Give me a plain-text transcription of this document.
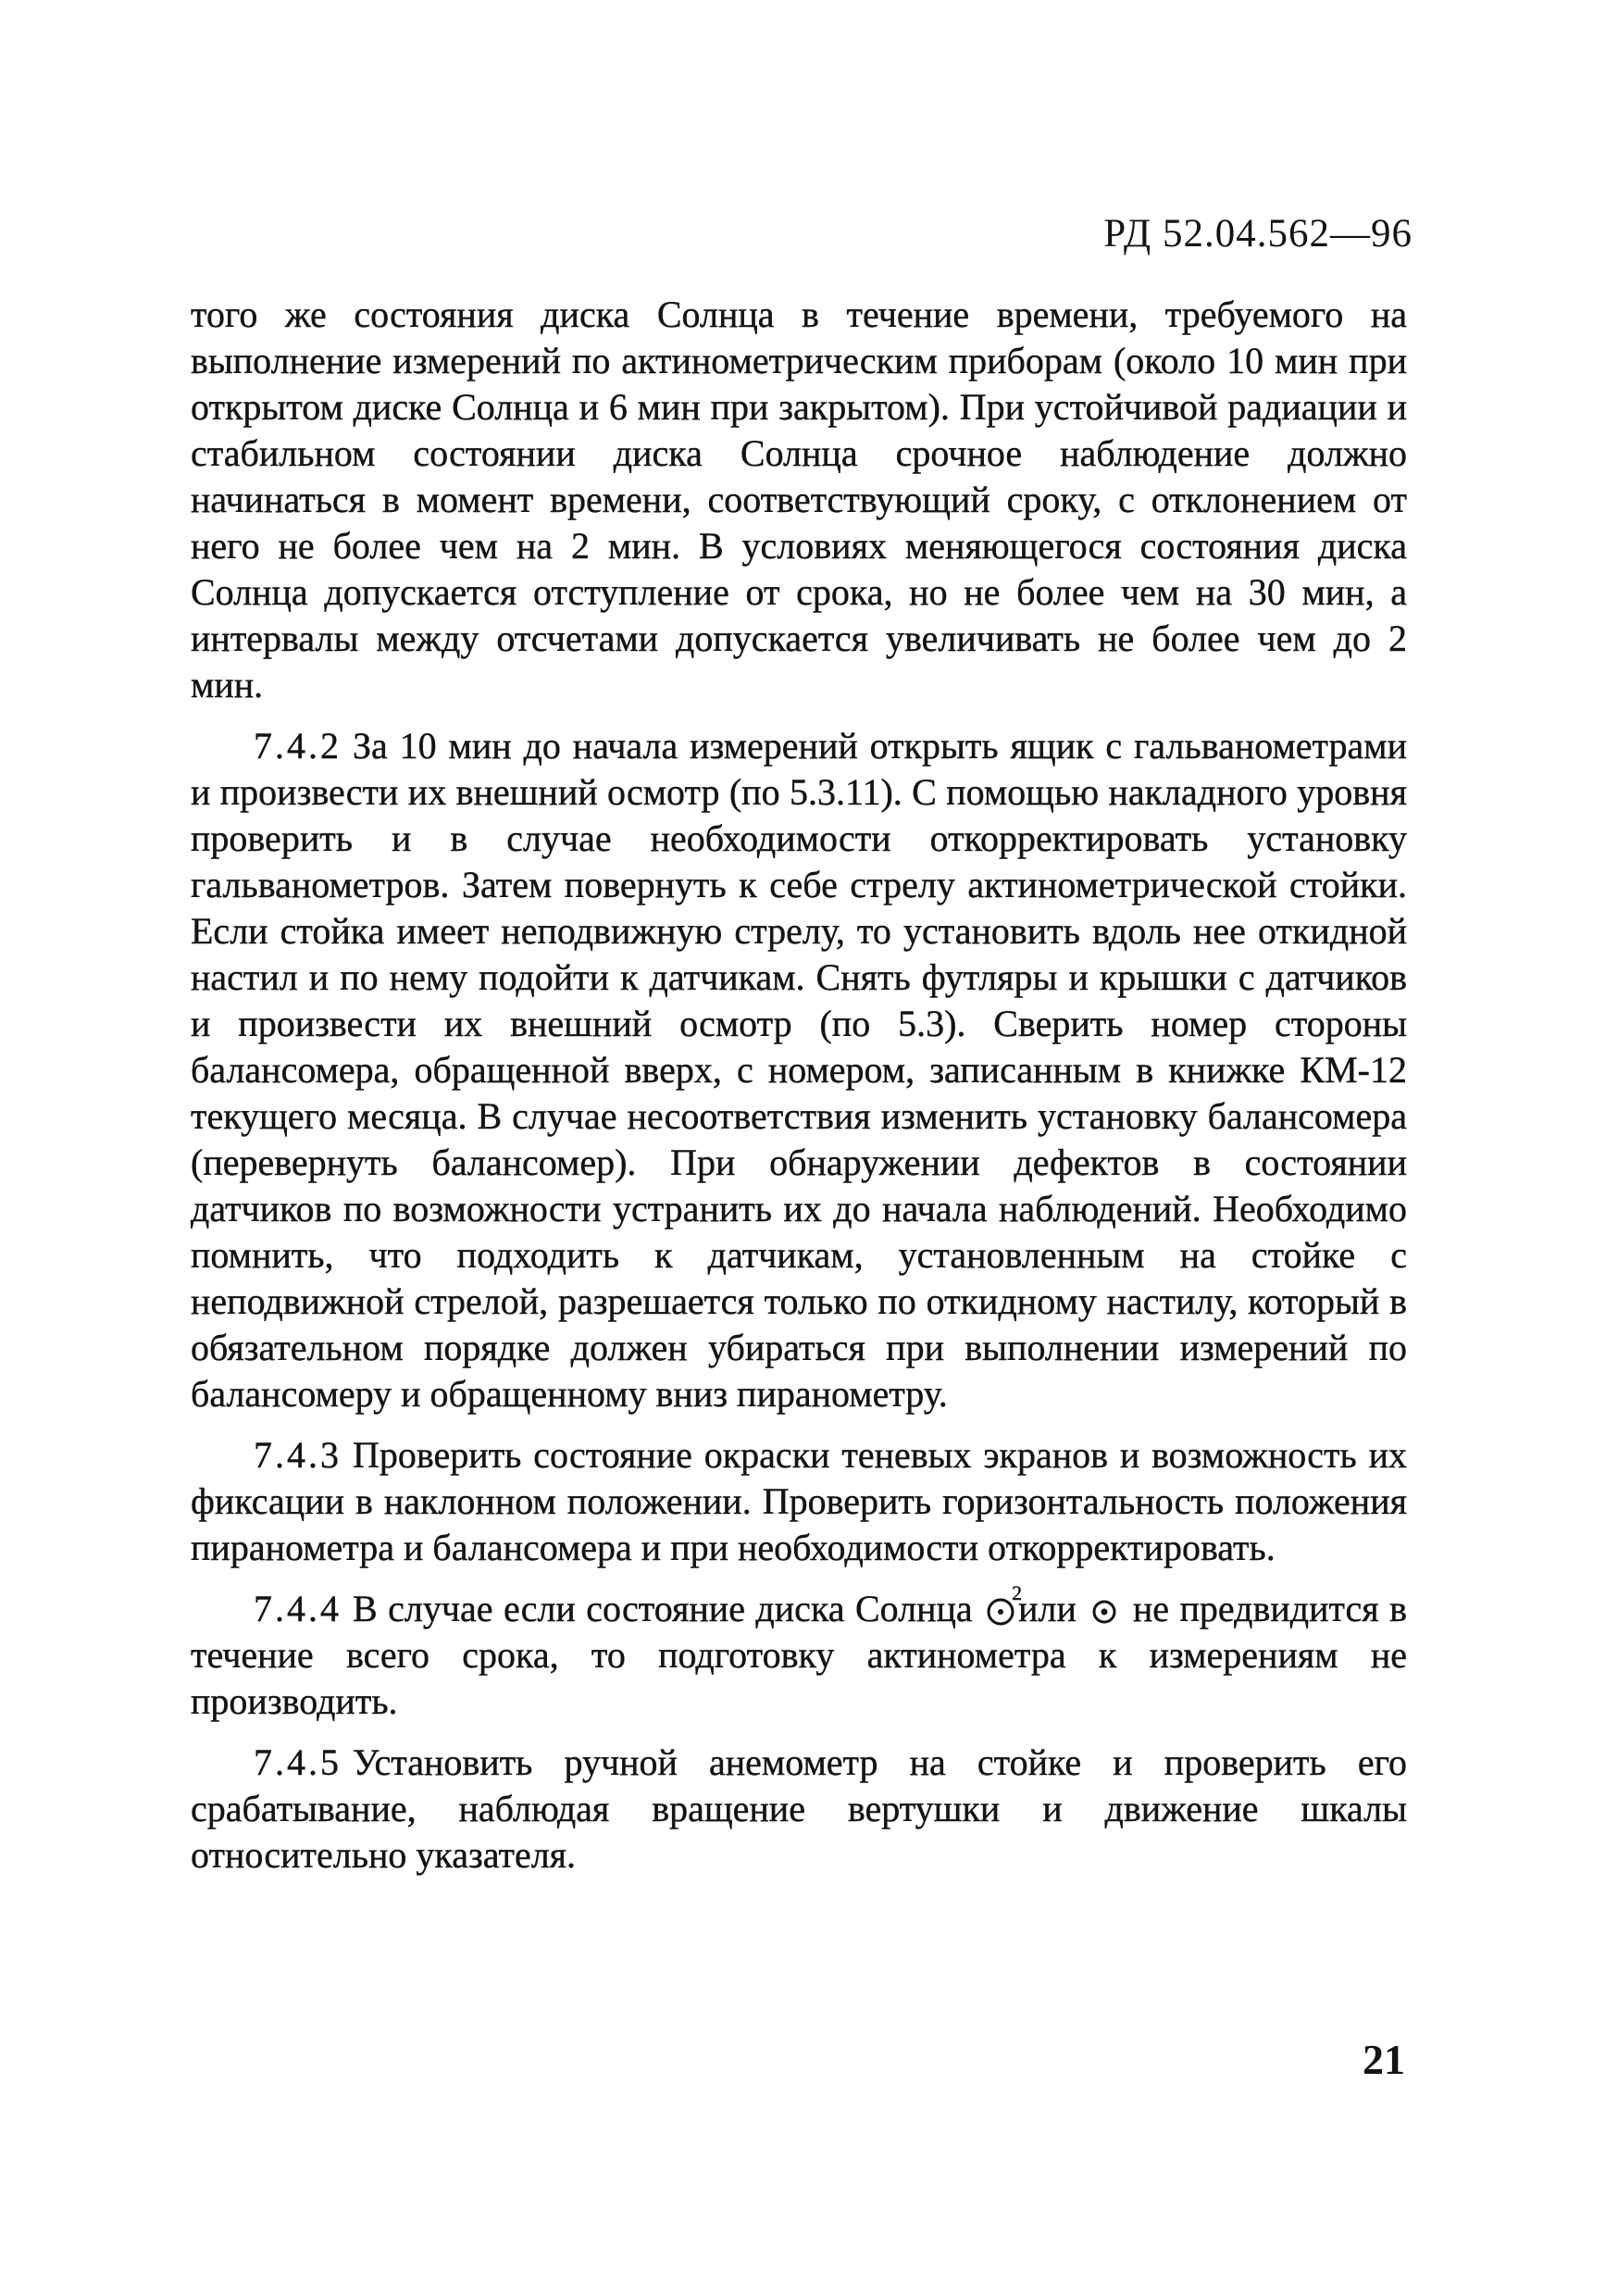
РД 52.04.562—96

того же состояния диска Солнца в течение времени, требуемого на выполнение измерений по актинометрическим приборам (около 10 мин при открытом диске Солнца и 6 мин при закрытом). При устойчивой радиации и стабильном состоянии диска Солнца срочное наблюдение должно начинаться в момент времени, соответствующий сроку, с отклонением от него не более чем на 2 мин. В условиях меняющегося состояния диска Солнца допускается отступление от срока, но не более чем на 30 мин, а интервалы между отсчетами допускается увеличивать не более чем до 2 мин.

7.4.2 За 10 мин до начала измерений открыть ящик с гальванометрами и произвести их внешний осмотр (по 5.3.11). С помощью накладного уровня проверить и в случае необходимости откорректировать установку гальванометров. Затем повернуть к себе стрелу актинометрической стойки. Если стойка имеет неподвижную стрелу, то установить вдоль нее откидной настил и по нему подойти к датчикам. Снять футляры и крышки с датчиков и произвести их внешний осмотр (по 5.3). Сверить номер стороны балансомера, обращенной вверх, с номером, записанным в книжке КМ-12 текущего месяца. В случае несоответствия изменить установку балансомера (перевернуть балансомер). При обнаружении дефектов в состоянии датчиков по возможности устранить их до начала наблюдений. Необходимо помнить, что подходить к датчикам, установленным на стойке с неподвижной стрелой, разрешается только по откидному настилу, который в обязательном порядке должен убираться при выполнении измерений по балансомеру и обращенному вниз пиранометру.

7.4.3 Проверить состояние окраски теневых экранов и возможность их фиксации в наклонном положении. Проверить горизонтальность положения пиранометра и балансомера и при необходимости откорректировать.

7.4.4 В случае если состояние диска Солнца	2
или не предвидится в течение всего срока, то подготовку актинометра к измерениям не производить.

7.4.5 Установить ручной анемометр на стойке и проверить его срабатывание, наблюдая вращение вертушки и движение шкалы относительно указателя.

21
